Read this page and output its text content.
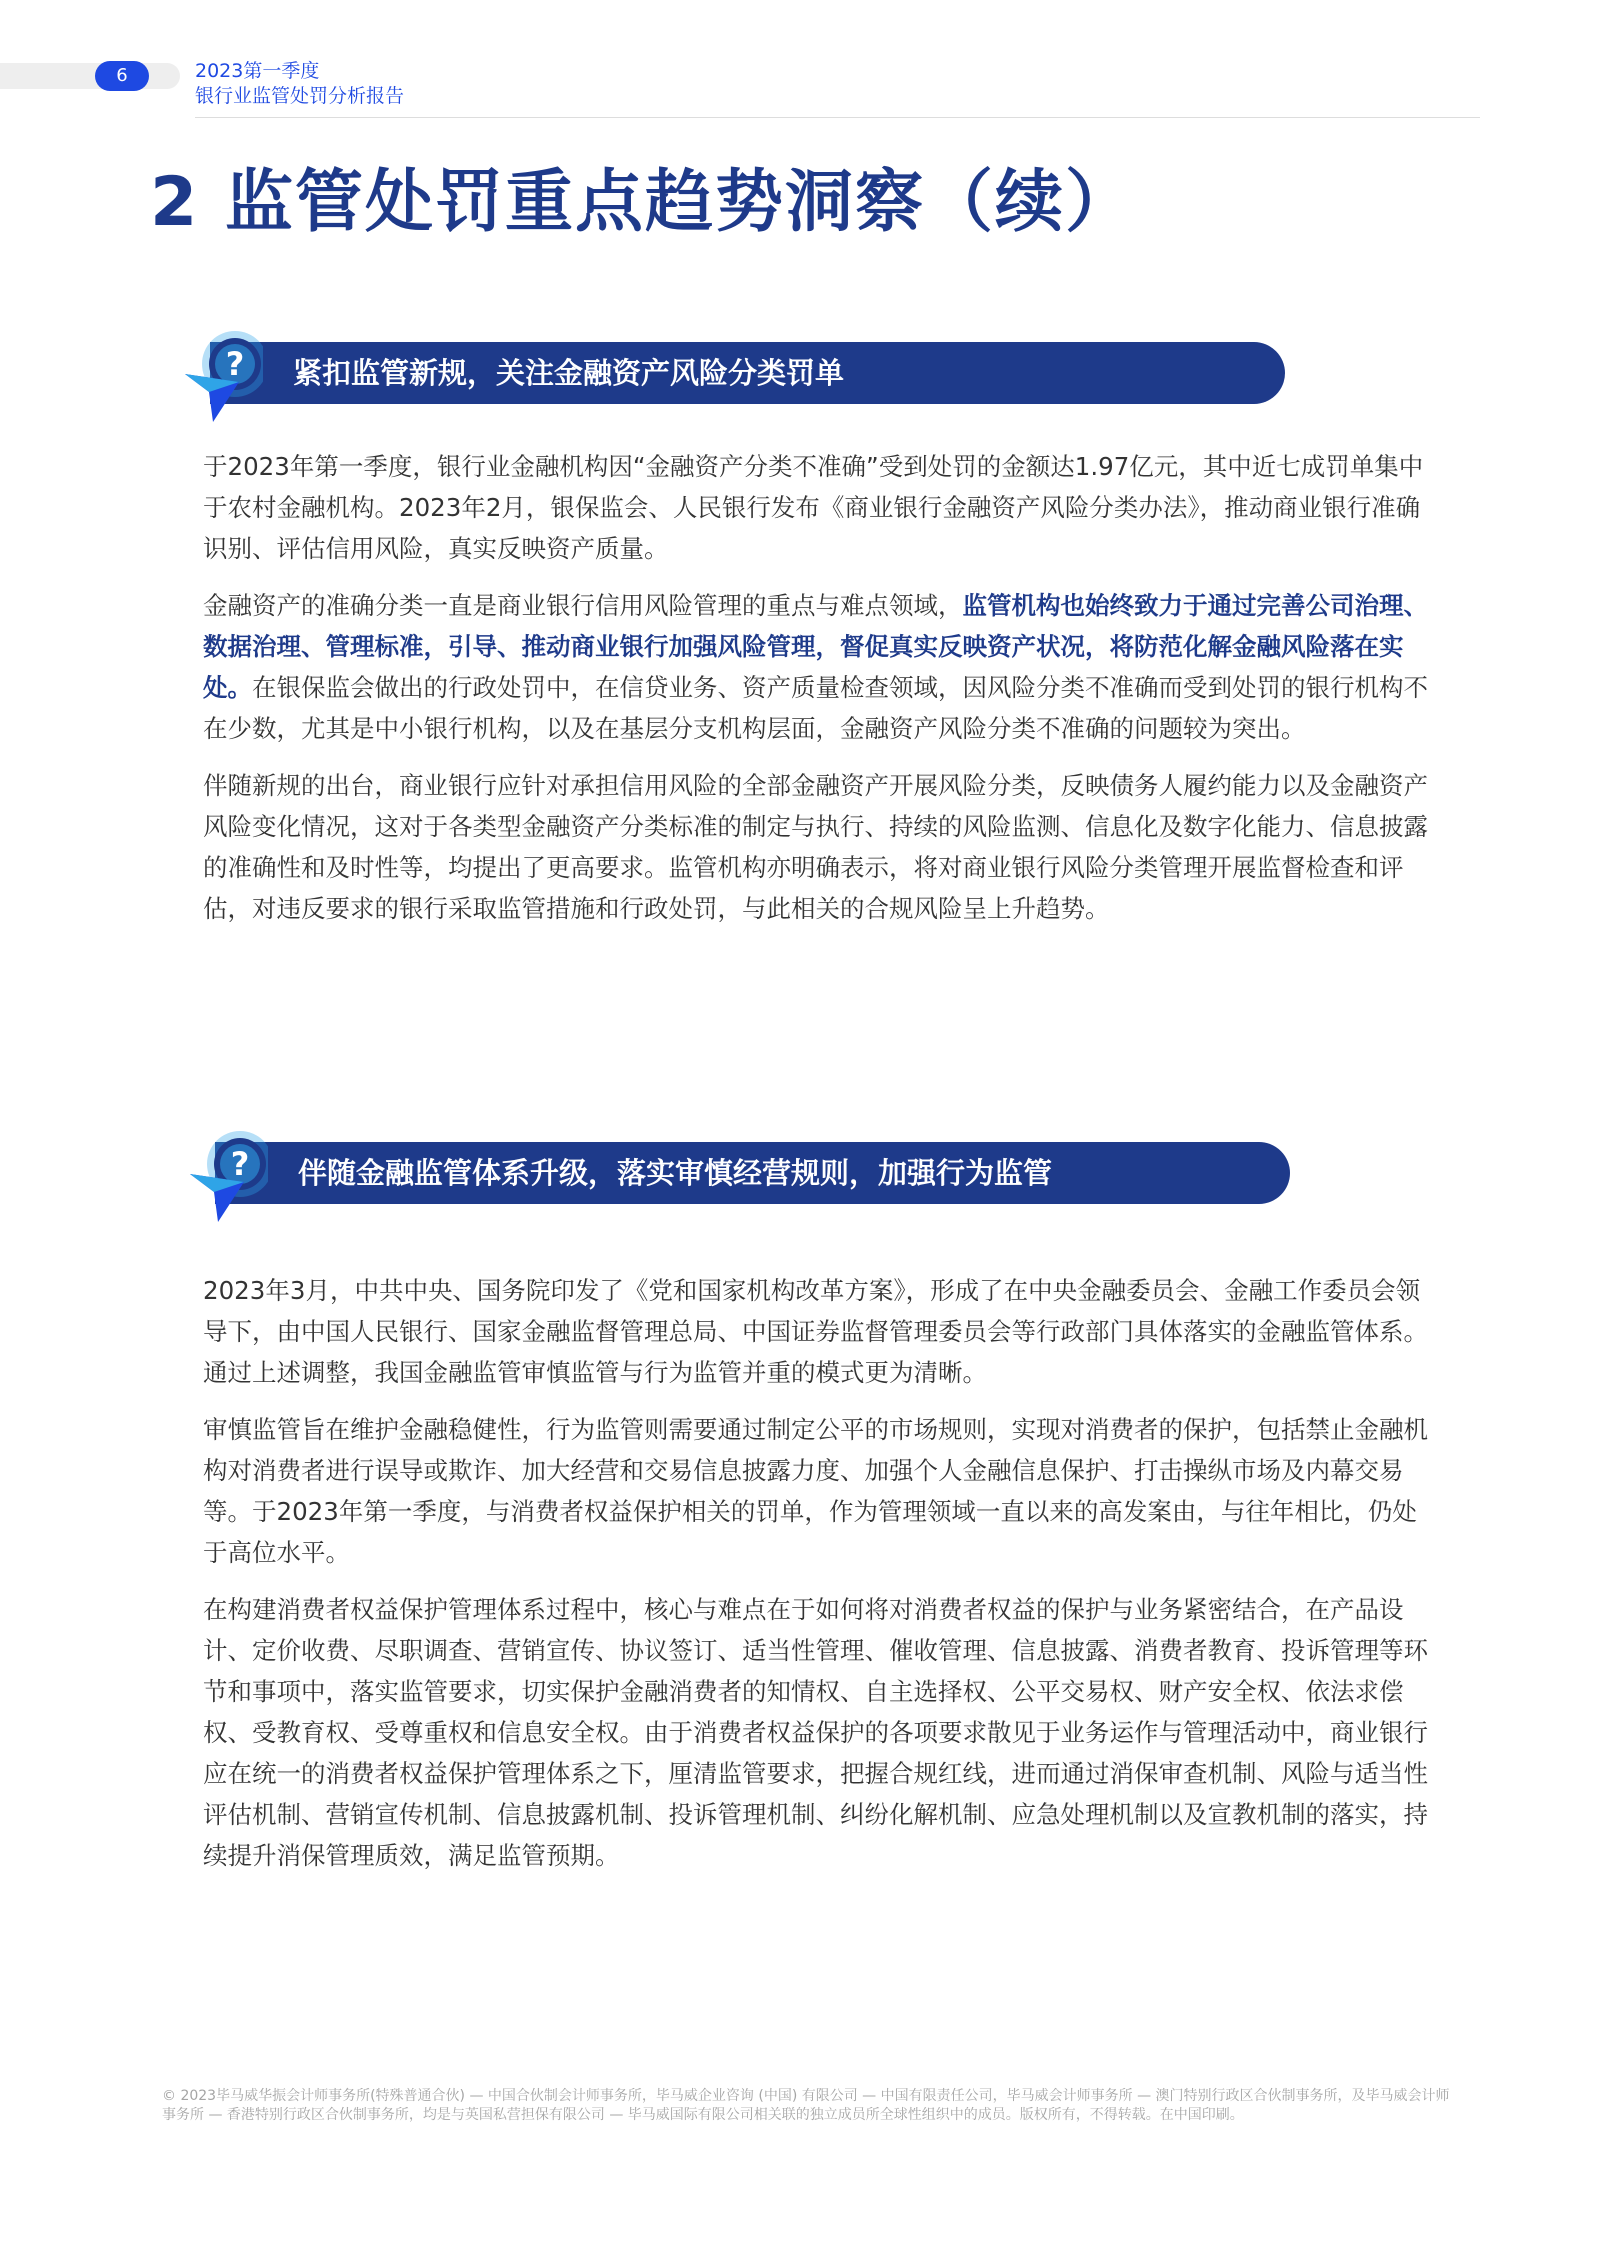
6	2023第一季度
银行业监管处罚分析报告
2 监管处罚重点趋势洞察（续）
紧扣监管新规，关注金融资产风险分类罚单
?

于2023年第一季度，银行业金融机构因“金融资产分类不准确”受到处罚的金额达1.97亿元，其中近七成罚单集中于农村金融机构。2023年2月，银保监会、人民银行发布《商业银行金融资产风险分类办法》，推动商业银行准确识别、评估信用风险，真实反映资产质量。

金融资产的准确分类一直是商业银行信用风险管理的重点与难点领域，监管机构也始终致力于通过完善公司治理、数据治理、管理标准，引导、推动商业银行加强风险管理，督促真实反映资产状况，将防范化解金融风险落在实处。在银保监会做出的行政处罚中，在信贷业务、资产质量检查领域，因风险分类不准确而受到处罚的银行机构不在少数，尤其是中小银行机构，以及在基层分支机构层面，金融资产风险分类不准确的问题较为突出。

伴随新规的出台，商业银行应针对承担信用风险的全部金融资产开展风险分类，反映债务人履约能力以及金融资产风险变化情况，这对于各类型金融资产分类标准的制定与执行、持续的风险监测、信息化及数字化能力、信息披露的准确性和及时性等，均提出了更高要求。监管机构亦明确表示，将对商业银行风险分类管理开展监督检查和评估，对违反要求的银行采取监管措施和行政处罚，与此相关的合规风险呈上升趋势。

伴随金融监管体系升级，落实审慎经营规则，加强行为监管
?

2023年3月，中共中央、国务院印发了《党和国家机构改革方案》，形成了在中央金融委员会、金融工作委员会领导下，由中国人民银行、国家金融监督管理总局、中国证券监督管理委员会等行政部门具体落实的金融监管体系。通过上述调整，我国金融监管审慎监管与行为监管并重的模式更为清晰。

审慎监管旨在维护金融稳健性，行为监管则需要通过制定公平的市场规则，实现对消费者的保护，包括禁止金融机构对消费者进行误导或欺诈、加大经营和交易信息披露力度、加强个人金融信息保护、打击操纵市场及内幕交易等。于2023年第一季度，与消费者权益保护相关的罚单，作为管理领域一直以来的高发案由，与往年相比，仍处于高位水平。

在构建消费者权益保护管理体系过程中，核心与难点在于如何将对消费者权益的保护与业务紧密结合，在产品设计、定价收费、尽职调查、营销宣传、协议签订、适当性管理、催收管理、信息披露、消费者教育、投诉管理等环节和事项中，落实监管要求，切实保护金融消费者的知情权、自主选择权、公平交易权、财产安全权、依法求偿权、受教育权、受尊重权和信息安全权。由于消费者权益保护的各项要求散见于业务运作与管理活动中，商业银行应在统一的消费者权益保护管理体系之下，厘清监管要求，把握合规红线，进而通过消保审查机制、风险与适当性评估机制、营销宣传机制、信息披露机制、投诉管理机制、纠纷化解机制、应急处理机制以及宣教机制的落实，持续提升消保管理质效，满足监管预期。

© 2023毕马威华振会计师事务所(特殊普通合伙) — 中国合伙制会计师事务所，毕马威企业咨询 (中国) 有限公司 — 中国有限责任公司，毕马威会计师事务所 — 澳门特别行政区合伙制事务所，及毕马威会计师事务所 — 香港特别行政区合伙制事务所，均是与英国私营担保有限公司 — 毕马威国际有限公司相关联的独立成员所全球性组织中的成员。版权所有，不得转载。在中国印刷。
